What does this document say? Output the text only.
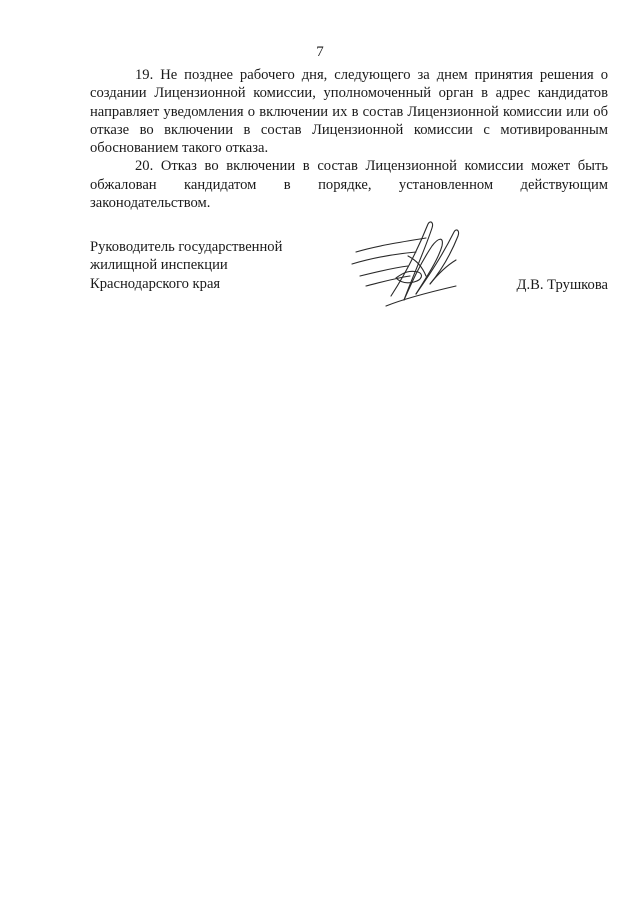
7

19. Не позднее рабочего дня, следующего за днем принятия решения о создании Лицензионной комиссии, уполномоченный орган в адрес кандидатов направляет уведомления о включении их в состав Лицензионной комиссии или об отказе во включении в состав Лицензионной комиссии с мотивированным обоснованием такого отказа.

20. Отказ во включении в состав Лицензионной комиссии может быть обжалован кандидатом в порядке, установленном действующим законодательством.

Руководитель государственной
жилищной инспекции
Краснодарского края	Д.В. Трушкова
